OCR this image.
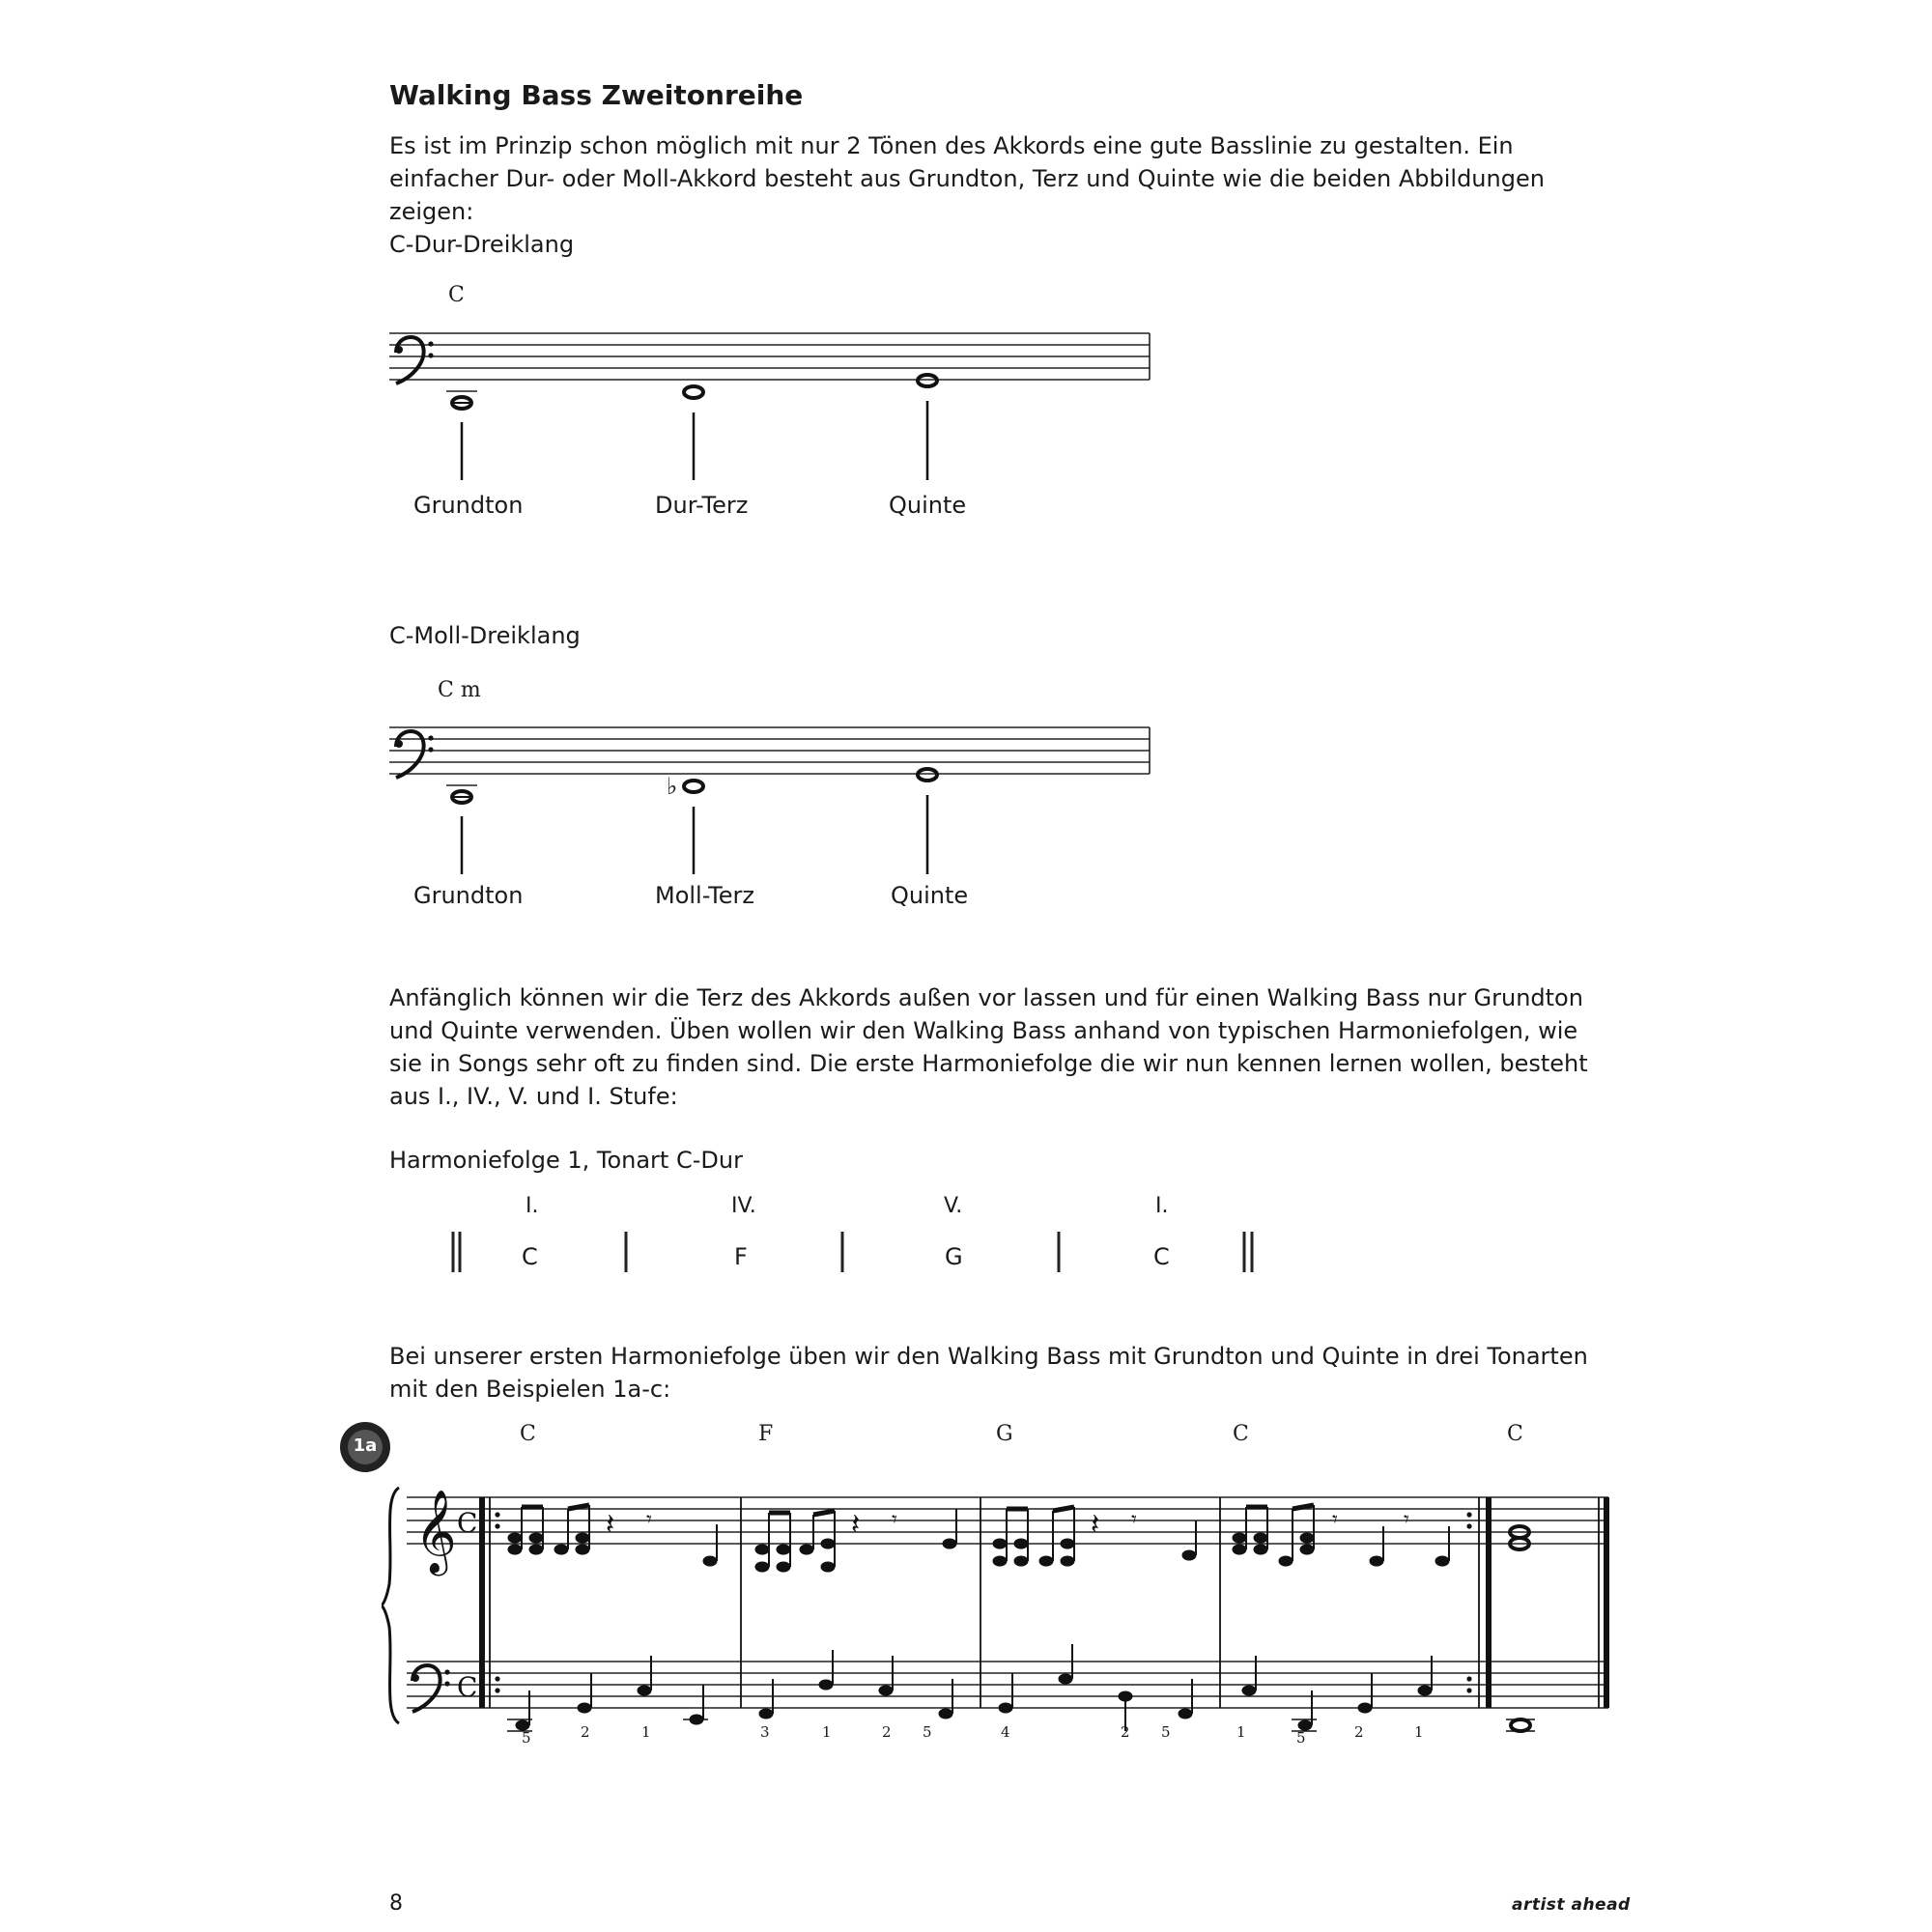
Walking Bass Zweitonreihe
Es ist im Prinzip schon möglich mit nur 2 Tönen des Akkords eine gute Basslinie zu gestalten. Ein einfacher Dur- oder Moll-Akkord besteht aus Grundton, Terz und Quinte wie die beiden Abbildungen zeigen:
C-Dur-Dreiklang
C
Grundton	Dur-Terz	Quinte
C-Moll-Dreiklang
C m
♭
Grundton	Moll-Terz	Quinte
Anfänglich können wir die Terz des Akkords außen vor lassen und für einen Walking Bass nur Grundton und Quinte verwenden. Üben wollen wir den Walking Bass anhand von typischen Harmoniefolgen, wie sie in Songs sehr oft zu finden sind. Die erste Harmoniefolge die wir nun kennen lernen wollen, besteht aus I., IV., V. und I. Stufe:
Harmoniefolge 1, Tonart C-Dur
I.	IV.	V.	I.
C	F	G	C
Bei unserer ersten Harmoniefolge üben wir den Walking Bass mit Grundton und Quinte in drei Tonarten mit den Beispielen 1a-c:
1a	C	F	G	C	C
𝄞 C
C
𝄽 𝄾	𝄽 𝄾	𝄽 𝄾	𝄾	𝄾
5	2	1	3	1	2 5	4	2 5	1	5	2	1
8	artist ahead
